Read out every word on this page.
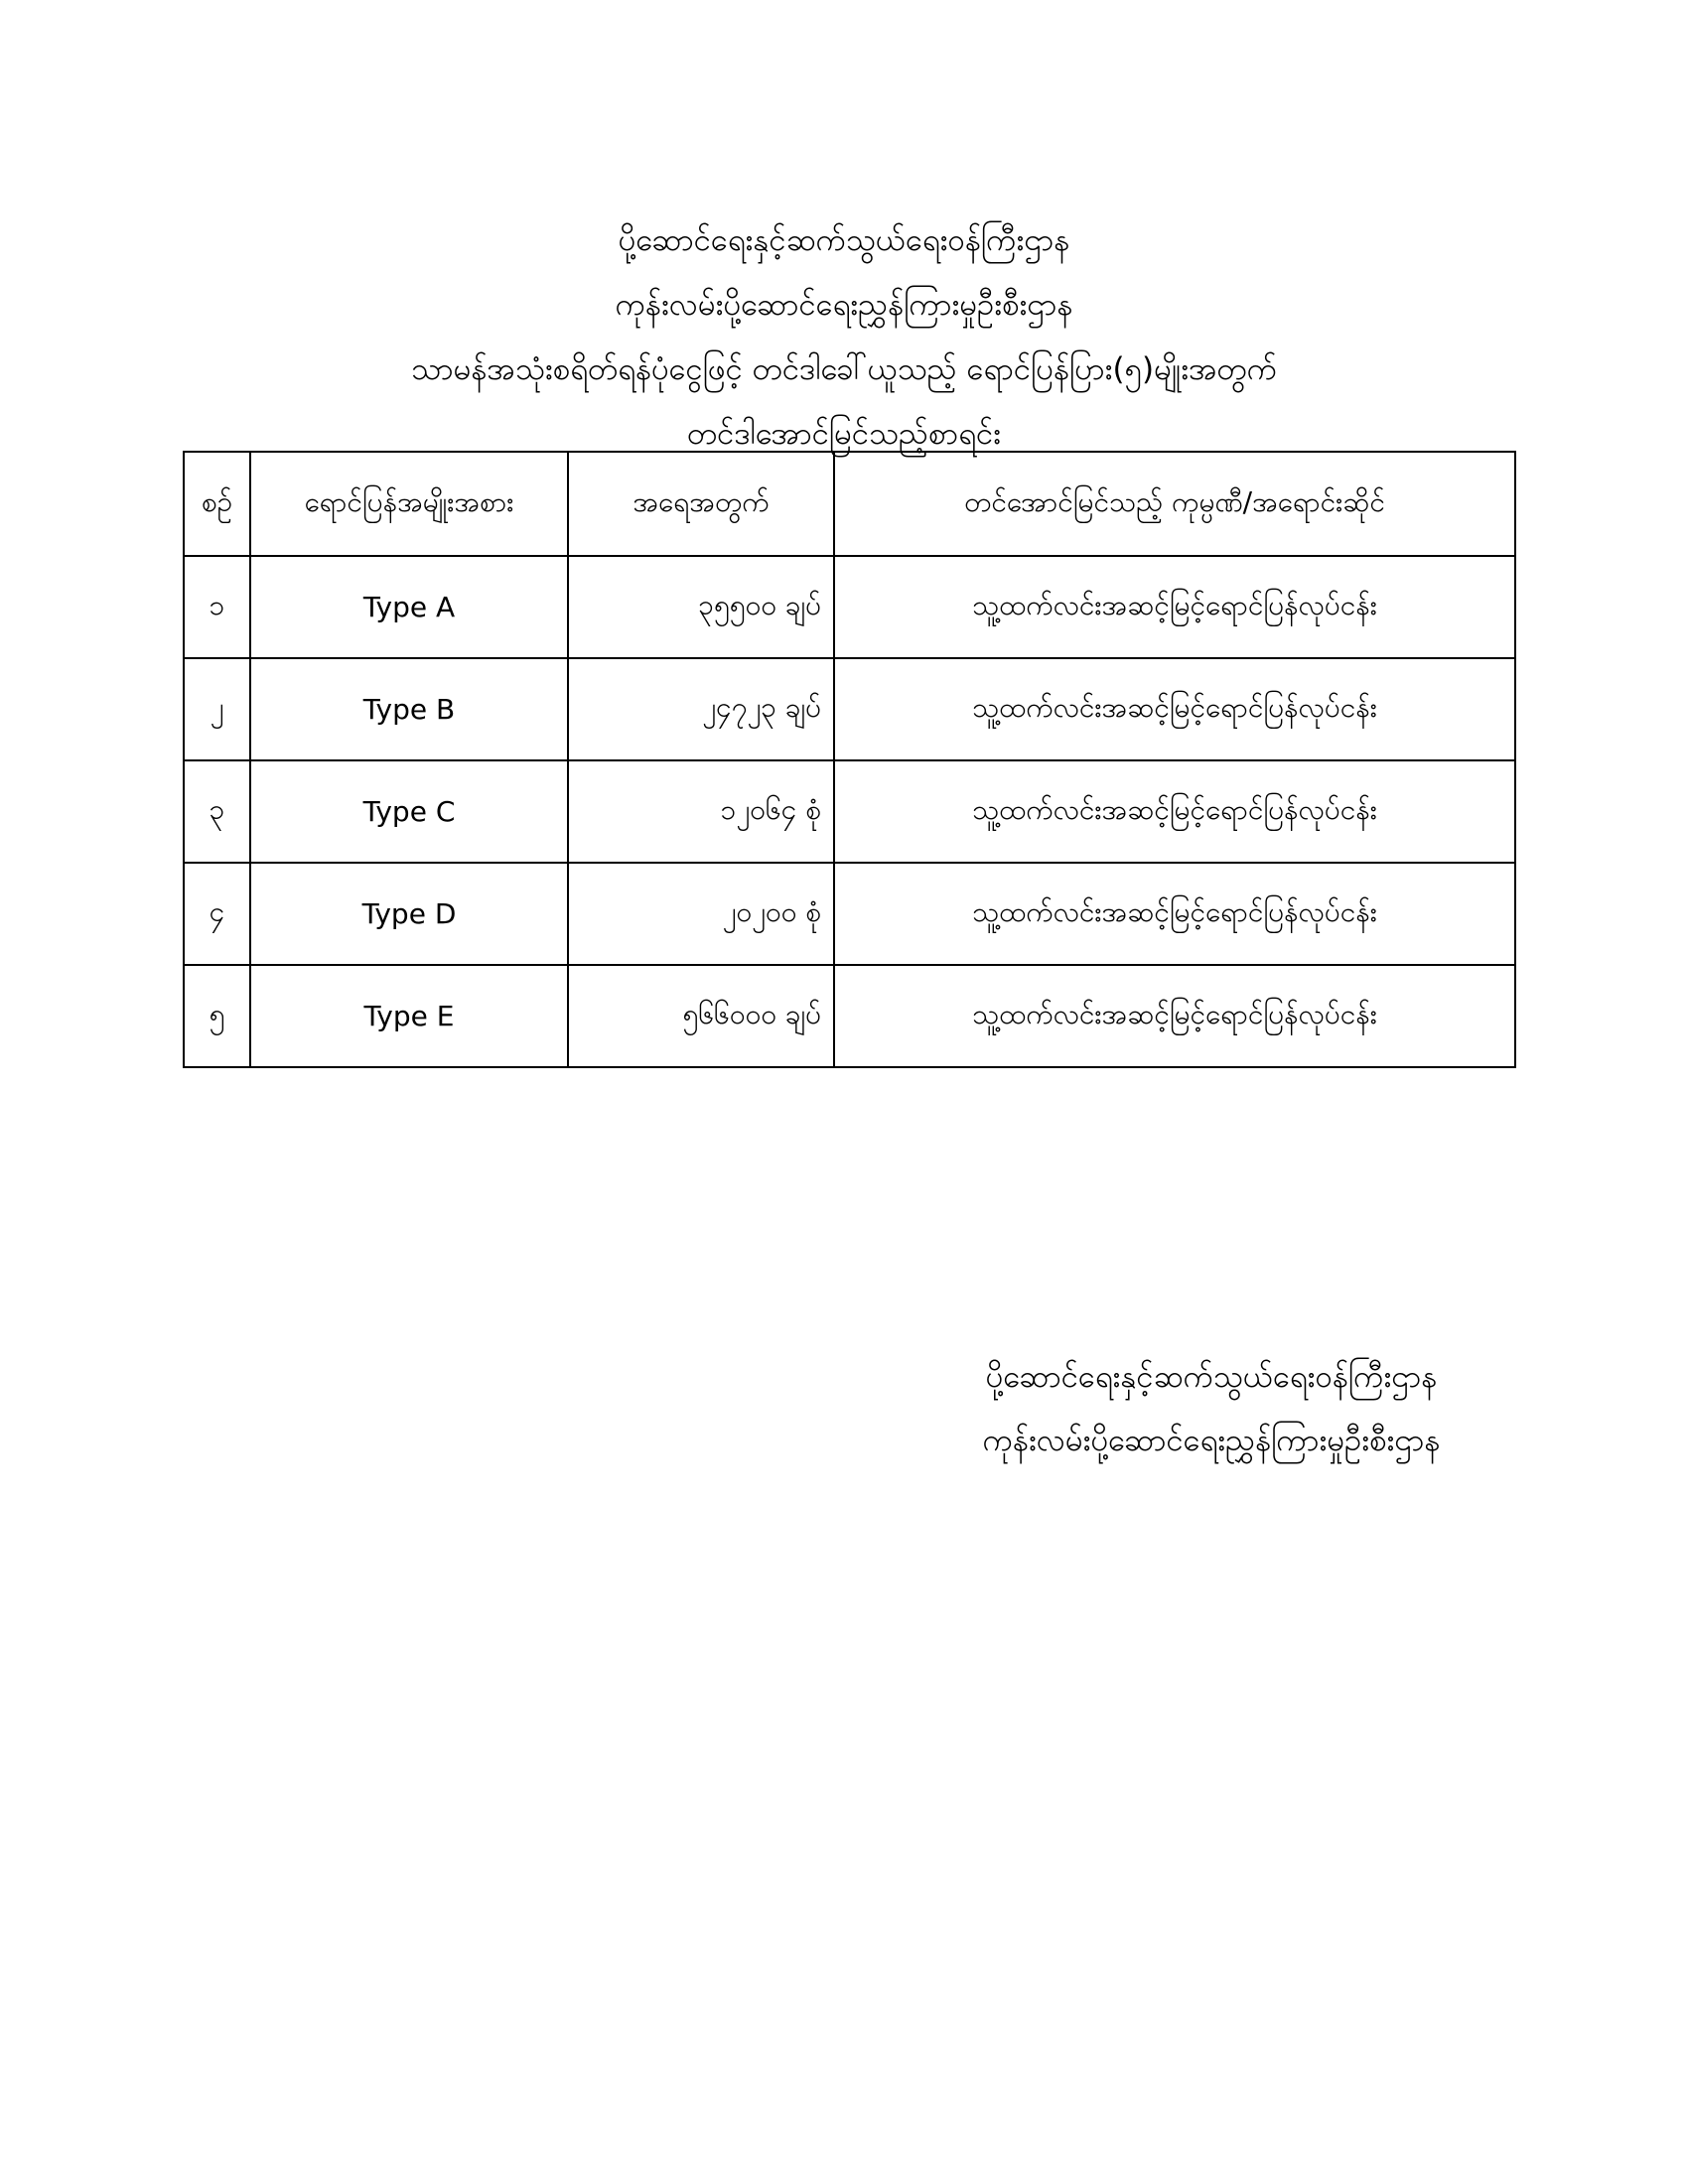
ပို့ဆောင်ရေးနှင့်ဆက်သွယ်ရေးဝန်ကြီးဌာန
ကုန်းလမ်းပို့ဆောင်ရေးညွှန်ကြားမှုဦးစီးဌာန
သာမန်အသုံးစရိတ်ရန်ပုံငွေဖြင့် တင်ဒါခေါ်ယူသည့် ရောင်ပြန်ပြား(၅)မျိုးအတွက်
တင်ဒါအောင်မြင်သည့်စာရင်း
စဉ်	ရောင်ပြန်အမျိုးအစား	အရေအတွက်	တင်အောင်မြင်သည့် ကုမ္ပဏီ/အရောင်းဆိုင်
၁	Type A	၃၅၅၀၀ ချပ်	သူ့ထက်လင်းအဆင့်မြင့်ရောင်ပြန်လုပ်ငန်း
၂	Type B	၂၄၇၂၃ ချပ်	သူ့ထက်လင်းအဆင့်မြင့်ရောင်ပြန်လုပ်ငန်း
၃	Type C	၁၂၀၆၄ စုံ	သူ့ထက်လင်းအဆင့်မြင့်ရောင်ပြန်လုပ်ငန်း
၄	Type D	၂၀၂၀၀ စုံ	သူ့ထက်လင်းအဆင့်မြင့်ရောင်ပြန်လုပ်ငန်း
၅	Type E	၅၆၆၀၀၀ ချပ်	သူ့ထက်လင်းအဆင့်မြင့်ရောင်ပြန်လုပ်ငန်း
ပို့ဆောင်ရေးနှင့်ဆက်သွယ်ရေးဝန်ကြီးဌာန
ကုန်းလမ်းပို့ဆောင်ရေးညွှန်ကြားမှုဦးစီးဌာန
